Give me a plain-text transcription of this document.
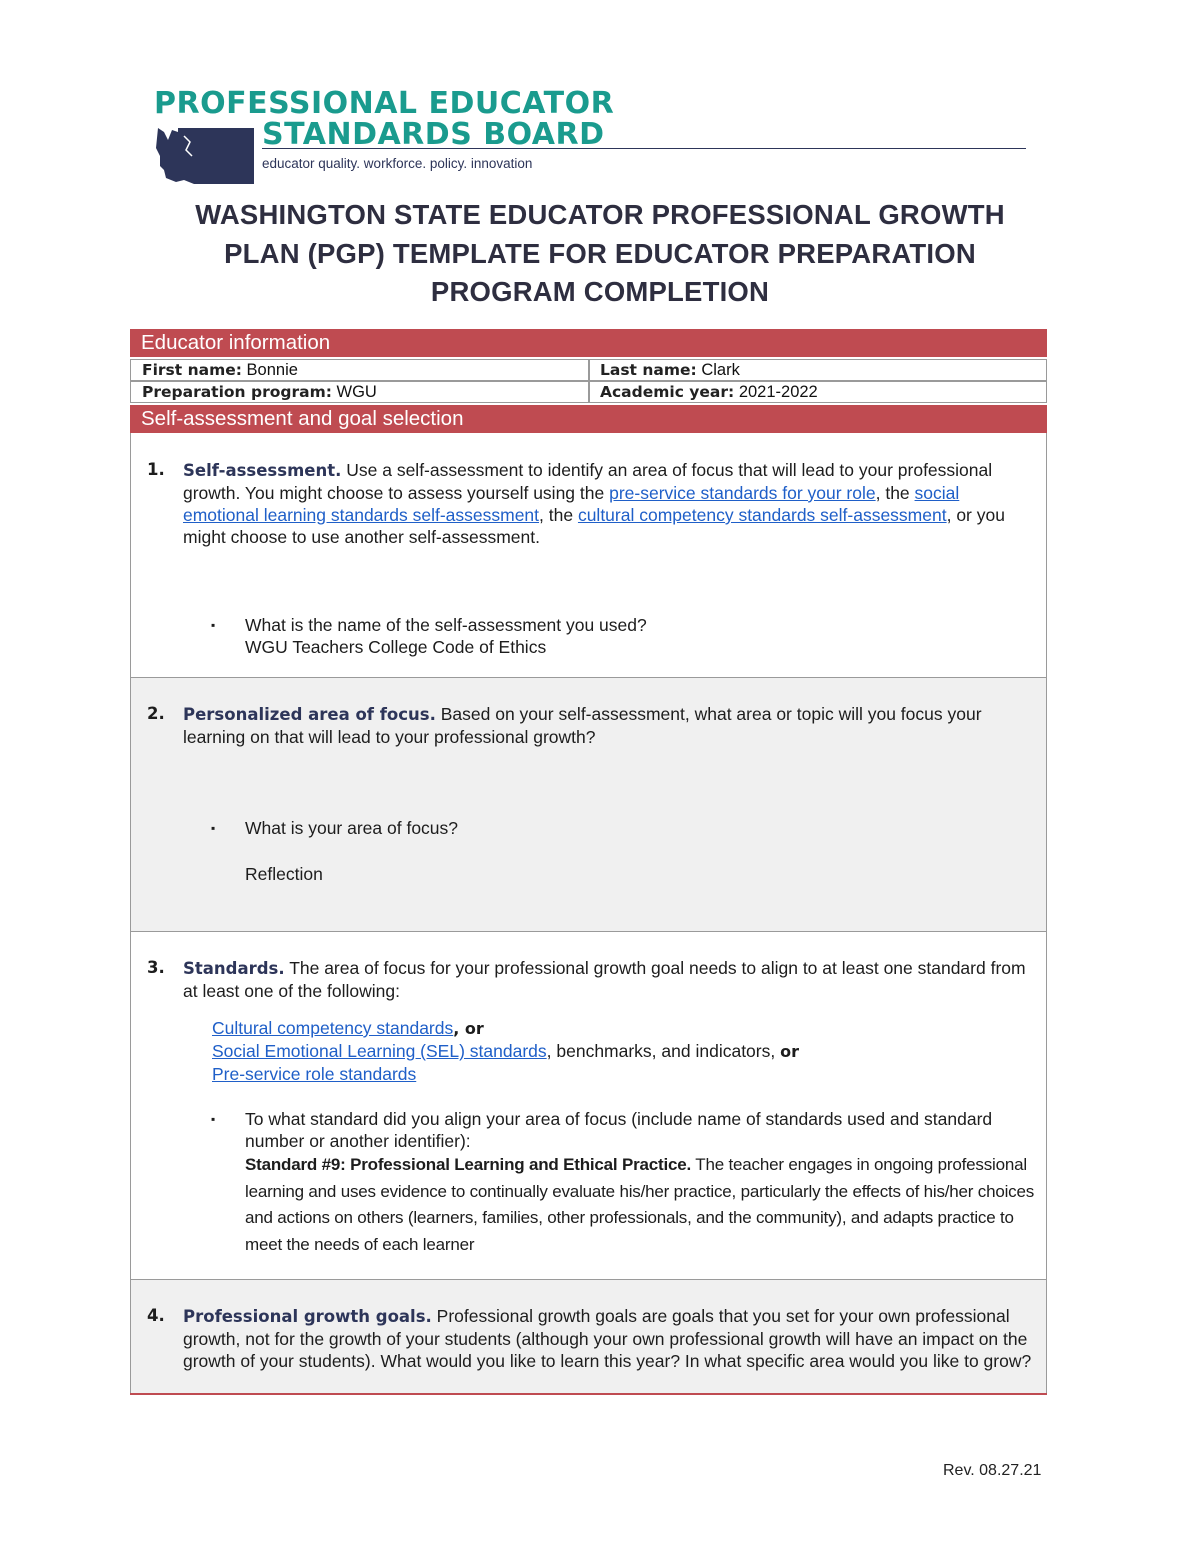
PROFESSIONAL EDUCATOR
STANDARDS BOARD
educator quality. workforce. policy. innovation
WASHINGTON STATE EDUCATOR PROFESSIONAL GROWTH
PLAN (PGP) TEMPLATE FOR EDUCATOR PREPARATION
PROGRAM COMPLETION
Educator information
First name: Bonnie	Last name: Clark
Preparation program: WGU	Academic year: 2021-2022
Self-assessment and goal selection
1. Self-assessment. Use a self-assessment to identify an area of focus that will lead to your professional growth. You might choose to assess yourself using the pre-service standards for your role, the social emotional learning standards self-assessment, the cultural competency standards self-assessment, or you might choose to use another self-assessment.
▪ What is the name of the self-assessment you used?
WGU Teachers College Code of Ethics
2. Personalized area of focus. Based on your self-assessment, what area or topic will you focus your learning on that will lead to your professional growth?
▪ What is your area of focus?
Reflection
3. Standards. The area of focus for your professional growth goal needs to align to at least one standard from at least one of the following:
Cultural competency standards, or
Social Emotional Learning (SEL) standards, benchmarks, and indicators, or
Pre-service role standards
▪ To what standard did you align your area of focus (include name of standards used and standard number or another identifier):
Standard #9: Professional Learning and Ethical Practice. The teacher engages in ongoing professional learning and uses evidence to continually evaluate his/her practice, particularly the effects of his/her choices and actions on others (learners, families, other professionals, and the community), and adapts practice to meet the needs of each learner
4. Professional growth goals. Professional growth goals are goals that you set for your own professional growth, not for the growth of your students (although your own professional growth will have an impact on the growth of your students). What would you like to learn this year? In what specific area would you like to grow?
Rev. 08.27.21
